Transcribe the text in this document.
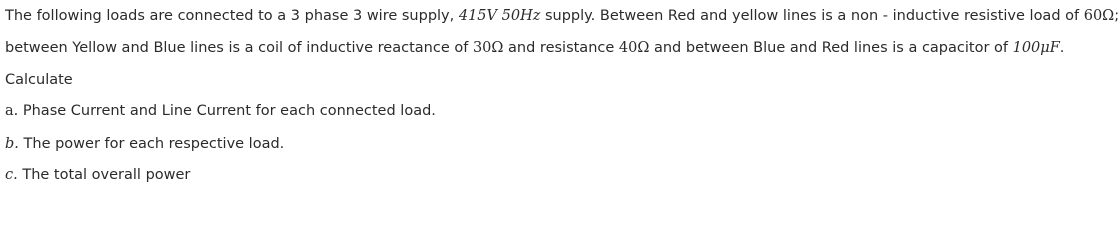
The following loads are connected to a 3 phase 3 wire supply, 415V 50Hz supply. Between Red and yellow lines is a non - inductive resistive load of 60Ω;
between Yellow and Blue lines is a coil of inductive reactance of 30Ω and resistance 40Ω and between Blue and Red lines is a capacitor of 100μF.
Calculate
a. Phase Current and Line Current for each connected load.
b. The power for each respective load.
c. The total overall power
